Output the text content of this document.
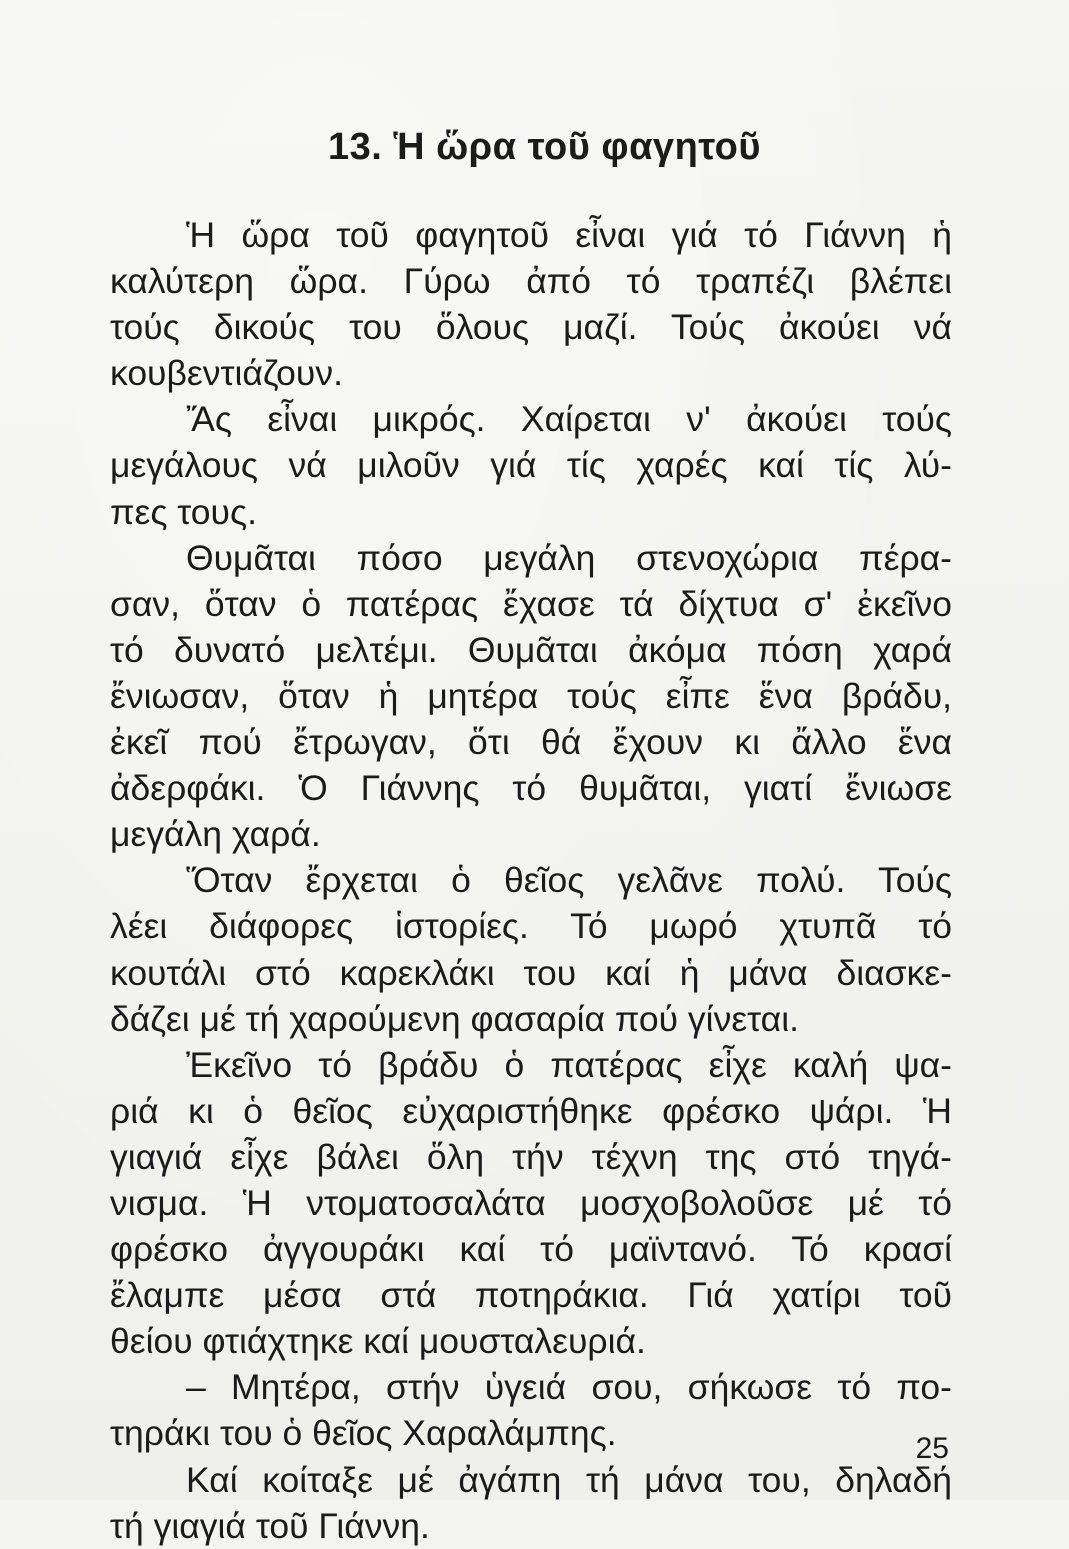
13. Ἡ ὥρα τοῦ φαγητοῦ
Ἡ ὥρα τοῦ φαγητοῦ εἶναι γιά τό Γιάννη ἡ
καλύτερη ὥρα. Γύρω ἀπό τό τραπέζι βλέπει
τούς δικούς του ὅλους μαζί. Τούς ἀκούει νά
κουβεντιάζουν.
Ἄς εἶναι μικρός. Χαίρεται ν' ἀκούει τούς
μεγάλους νά μιλοῦν γιά τίς χαρές καί τίς λύ-
πες τους.
Θυμᾶται πόσο μεγάλη στενοχώρια πέρα-
σαν, ὅταν ὁ πατέρας ἔχασε τά δίχτυα σ' ἐκεῖνο
τό δυνατό μελτέμι. Θυμᾶται ἀκόμα πόση χαρά
ἔνιωσαν, ὅταν ἡ μητέρα τούς εἶπε ἕνα βράδυ,
ἐκεῖ πού ἔτρωγαν, ὅτι θά ἔχουν κι ἄλλο ἕνα
ἀδερφάκι. Ὁ Γιάννης τό θυμᾶται, γιατί ἔνιωσε
μεγάλη χαρά.
Ὅταν ἔρχεται ὁ θεῖος γελᾶνε πολύ. Τούς
λέει διάφορες ἱστορίες. Τό μωρό χτυπᾶ τό
κουτάλι στό καρεκλάκι του καί ἡ μάνα διασκε-
δάζει μέ τή χαρούμενη φασαρία πού γίνεται.
Ἐκεῖνο τό βράδυ ὁ πατέρας εἶχε καλή ψα-
ριά κι ὁ θεῖος εὐχαριστήθηκε φρέσκο ψάρι. Ἡ
γιαγιά εἶχε βάλει ὅλη τήν τέχνη της στό τηγά-
νισμα. Ἡ ντοματοσαλάτα μοσχοβολοῦσε μέ τό
φρέσκο ἀγγουράκι καί τό μαϊντανό. Τό κρασί
ἔλαμπε μέσα στά ποτηράκια. Γιά χατίρι τοῦ
θείου φτιάχτηκε καί μουσταλευριά.
– Μητέρα, στήν ὑγειά σου, σήκωσε τό πο-
τηράκι του ὁ θεῖος Χαραλάμπης.
Καί κοίταξε μέ ἀγάπη τή μάνα του, δηλαδή
τή γιαγιά τοῦ Γιάννη.
25
